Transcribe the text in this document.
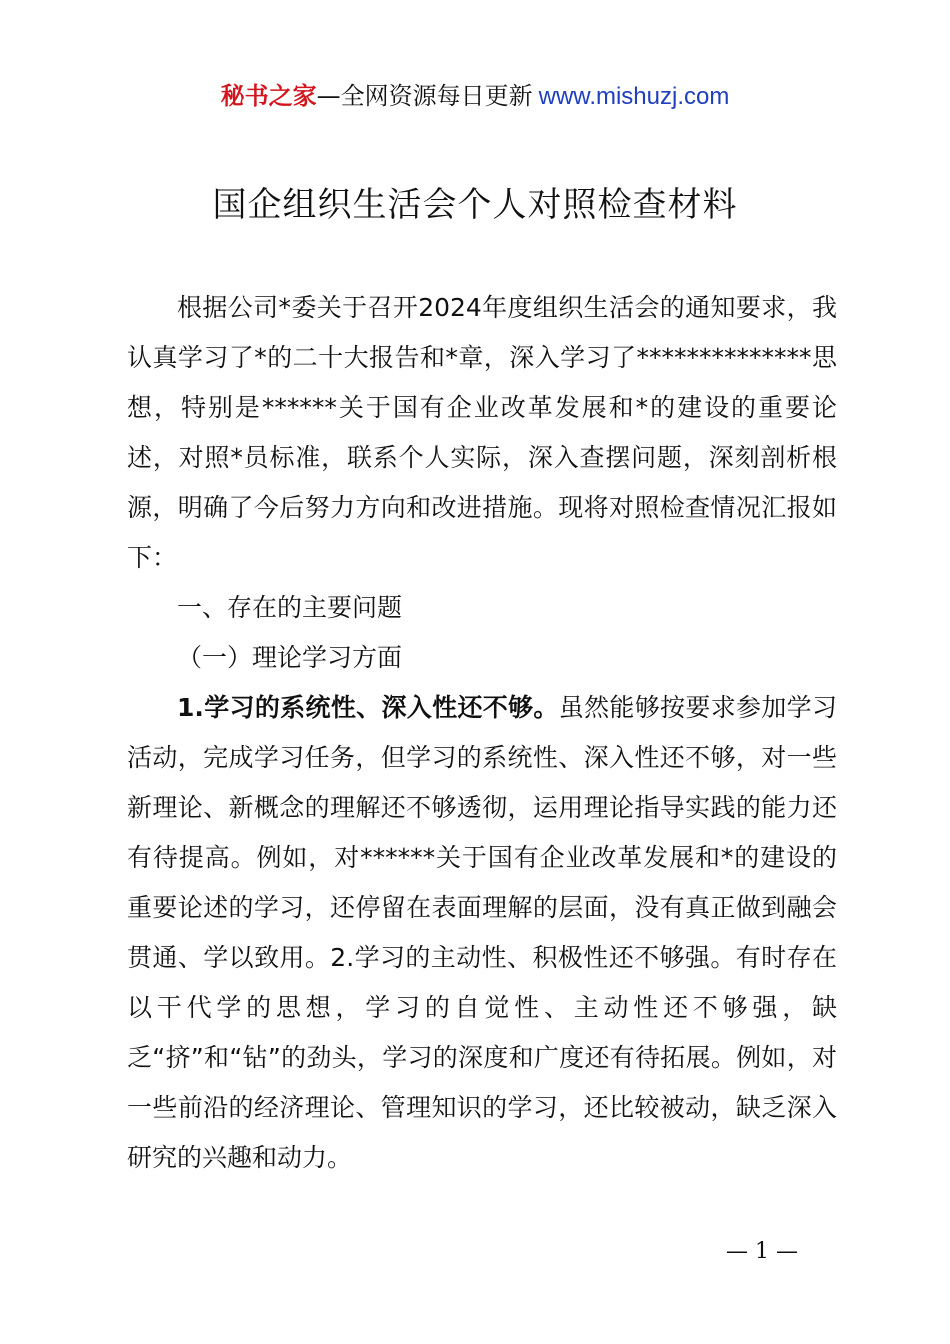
秘书之家—全网资源每日更新 www.mishuzj.com
国企组织生活会个人对照检查材料

根据公司*委关于召开2024年度组织生活会的通知要求，我认真学习了*的二十大报告和*章，深入学习了**************思想，特别是******关于国有企业改革发展和*的建设的重要论述，对照*员标准，联系个人实际，深入查摆问题，深刻剖析根源，明确了今后努力方向和改进措施。现将对照检查情况汇报如下：

一、存在的主要问题

（一）理论学习方面

1.学习的系统性、深入性还不够。虽然能够按要求参加学习活动，完成学习任务，但学习的系统性、深入性还不够，对一些新理论、新概念的理解还不够透彻，运用理论指导实践的能力还有待提高。例如，对******关于国有企业改革发展和*的建设的重要论述的学习，还停留在表面理解的层面，没有真正做到融会贯通、学以致用。2.学习的主动性、积极性还不够强。有时存在以干代学的思想，学习的自觉性、主动性还不够强，缺乏“挤”和“钻”的劲头，学习的深度和广度还有待拓展。例如，对一些前沿的经济理论、管理知识的学习，还比较被动，缺乏深入研究的兴趣和动力。

— 1 —
